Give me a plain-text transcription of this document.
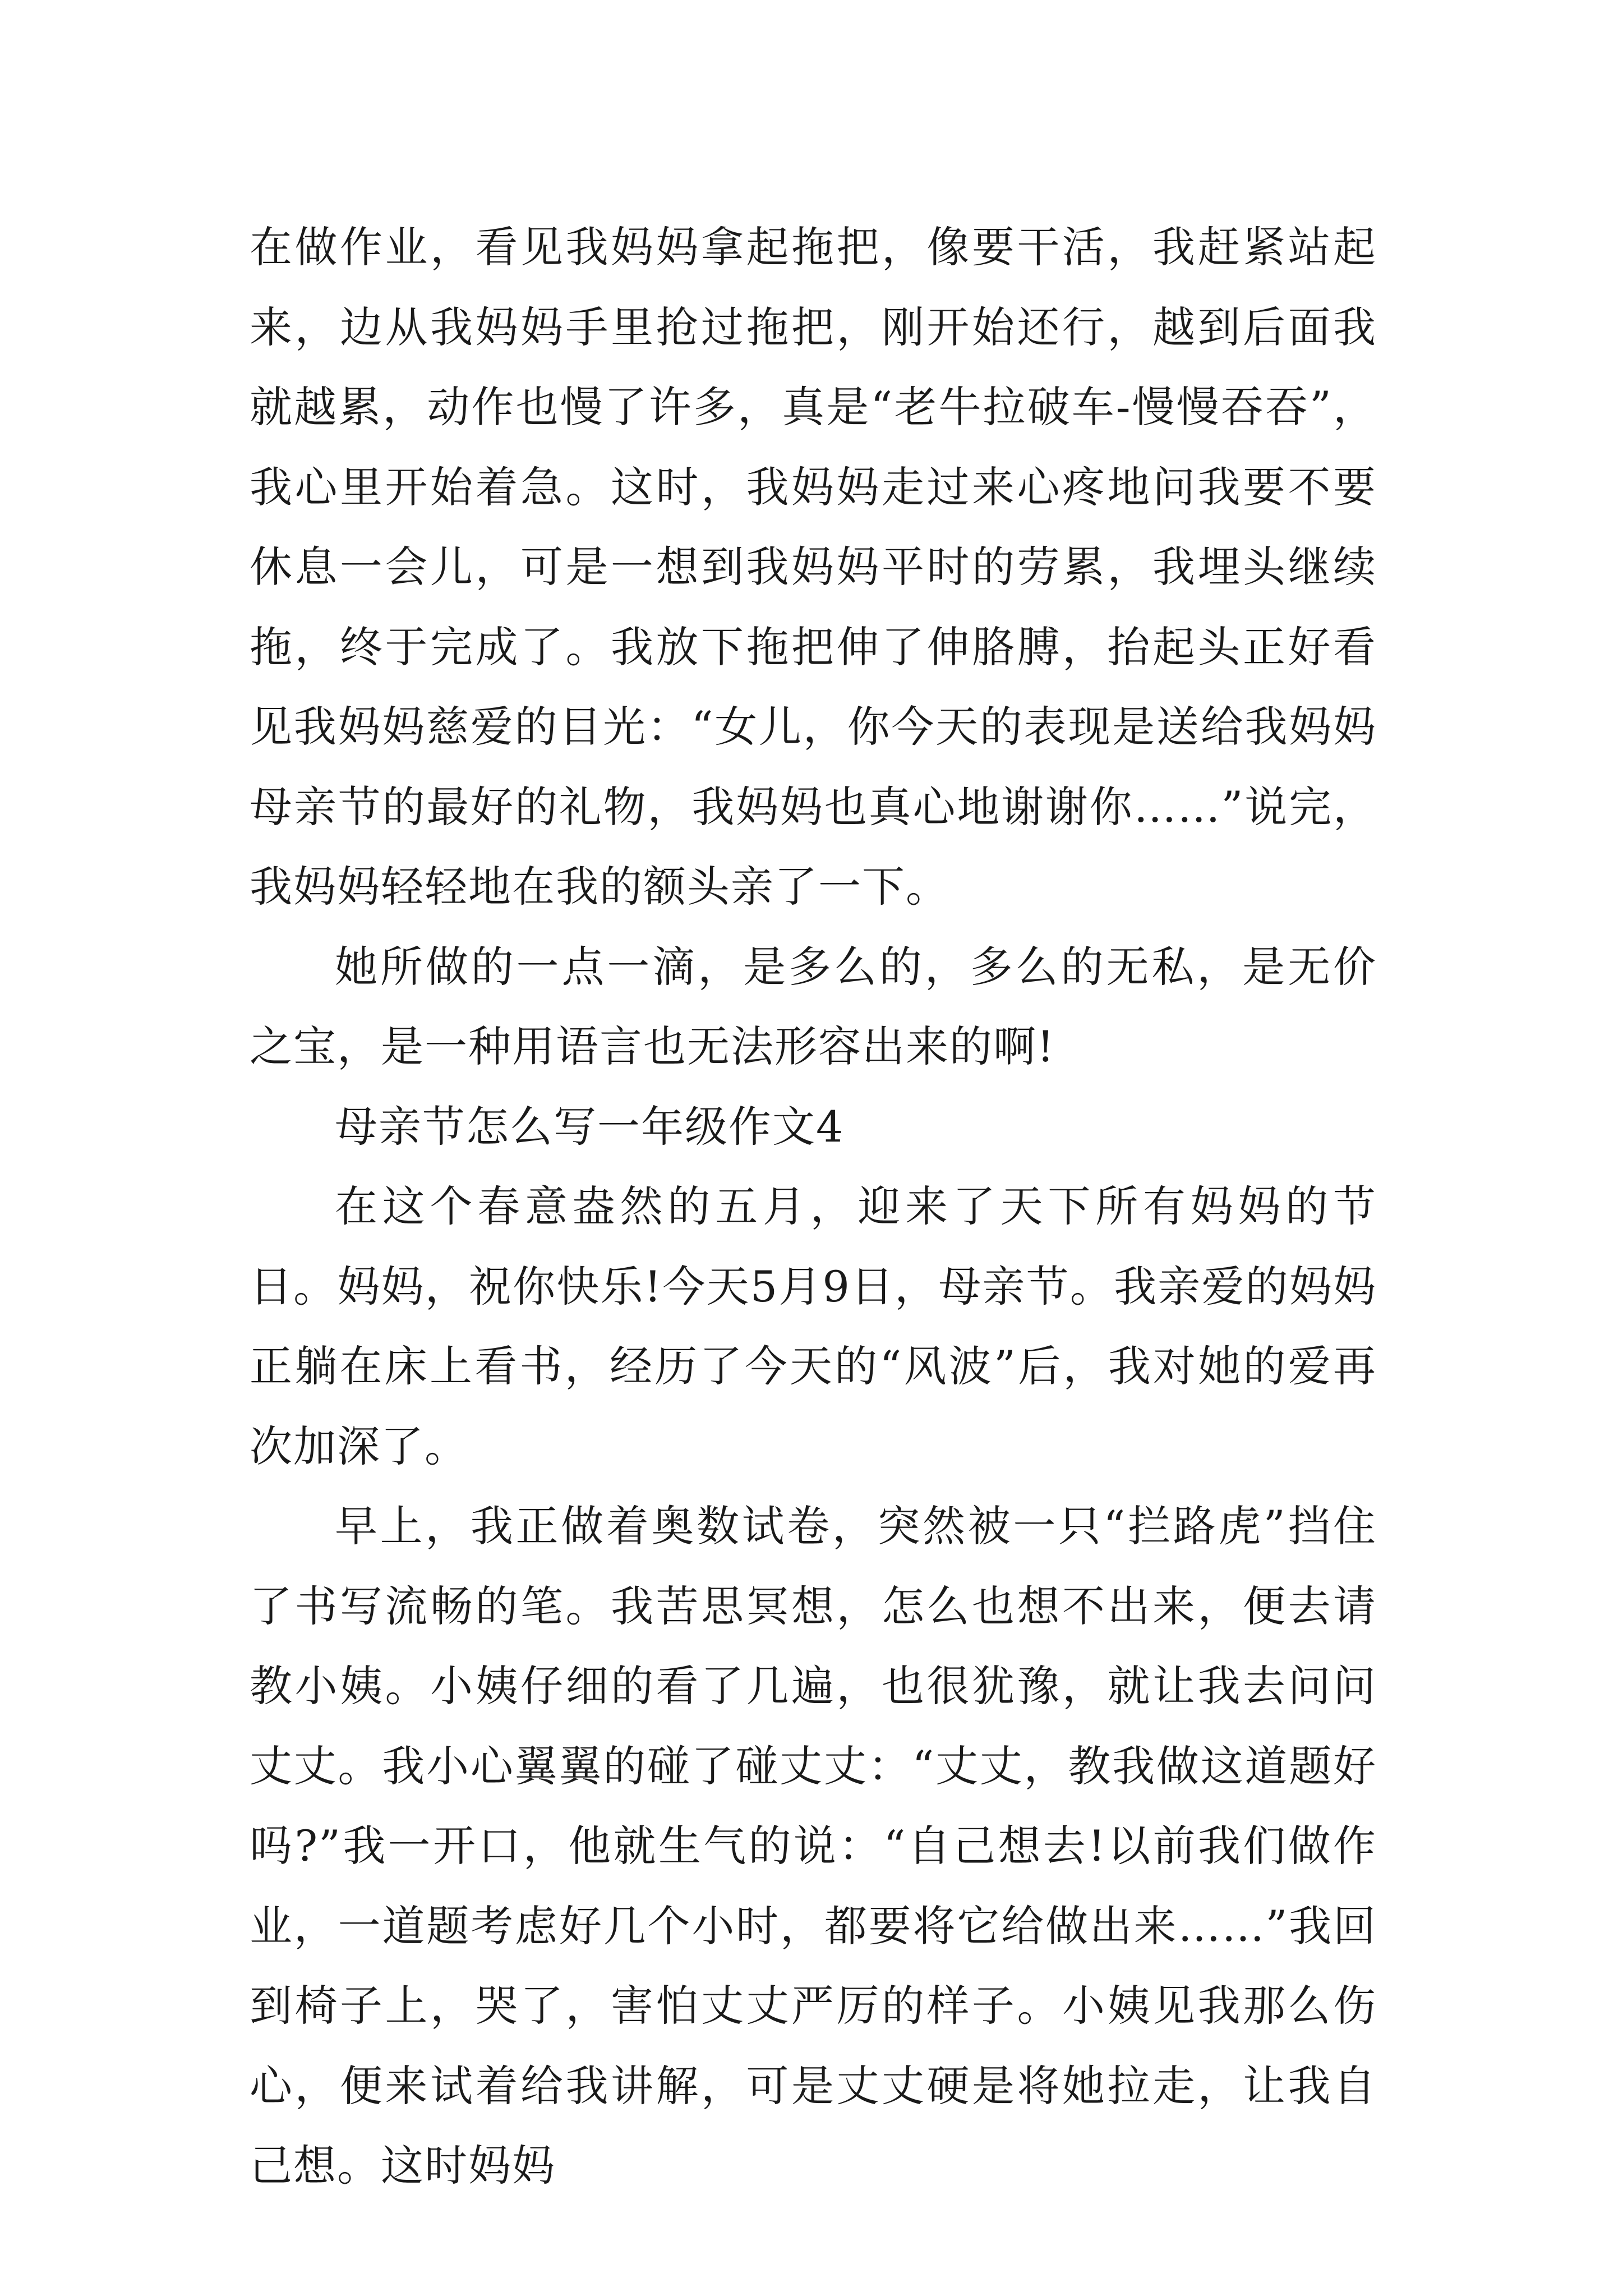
在做作业，看见我妈妈拿起拖把，像要干活，我赶紧站起来，边从我妈妈手里抢过拖把，刚开始还行，越到后面我就越累，动作也慢了许多，真是“老牛拉破车-慢慢吞吞”，我心里开始着急。这时，我妈妈走过来心疼地问我要不要休息一会儿，可是一想到我妈妈平时的劳累，我埋头继续拖，终于完成了。我放下拖把伸了伸胳膊，抬起头正好看见我妈妈慈爱的目光：“女儿，你今天的表现是送给我妈妈母亲节的最好的礼物，我妈妈也真心地谢谢你……”说完，我妈妈轻轻地在我的额头亲了一下。

她所做的一点一滴，是多么的，多么的无私，是无价之宝，是一种用语言也无法形容出来的啊!

母亲节怎么写一年级作文4

在这个春意盎然的五月，迎来了天下所有妈妈的节日。妈妈，祝你快乐!今天5月9日，母亲节。我亲爱的妈妈正躺在床上看书，经历了今天的“风波”后，我对她的爱再次加深了。

早上，我正做着奥数试卷，突然被一只“拦路虎”挡住了书写流畅的笔。我苦思冥想，怎么也想不出来，便去请教小姨。小姨仔细的看了几遍，也很犹豫，就让我去问问丈丈。我小心翼翼的碰了碰丈丈：“丈丈，教我做这道题好吗?”我一开口，他就生气的说：“自己想去!以前我们做作业，一道题考虑好几个小时，都要将它给做出来……”我回到椅子上，哭了，害怕丈丈严厉的样子。小姨见我那么伤心，便来试着给我讲解，可是丈丈硬是将她拉走，让我自己想。这时妈妈
